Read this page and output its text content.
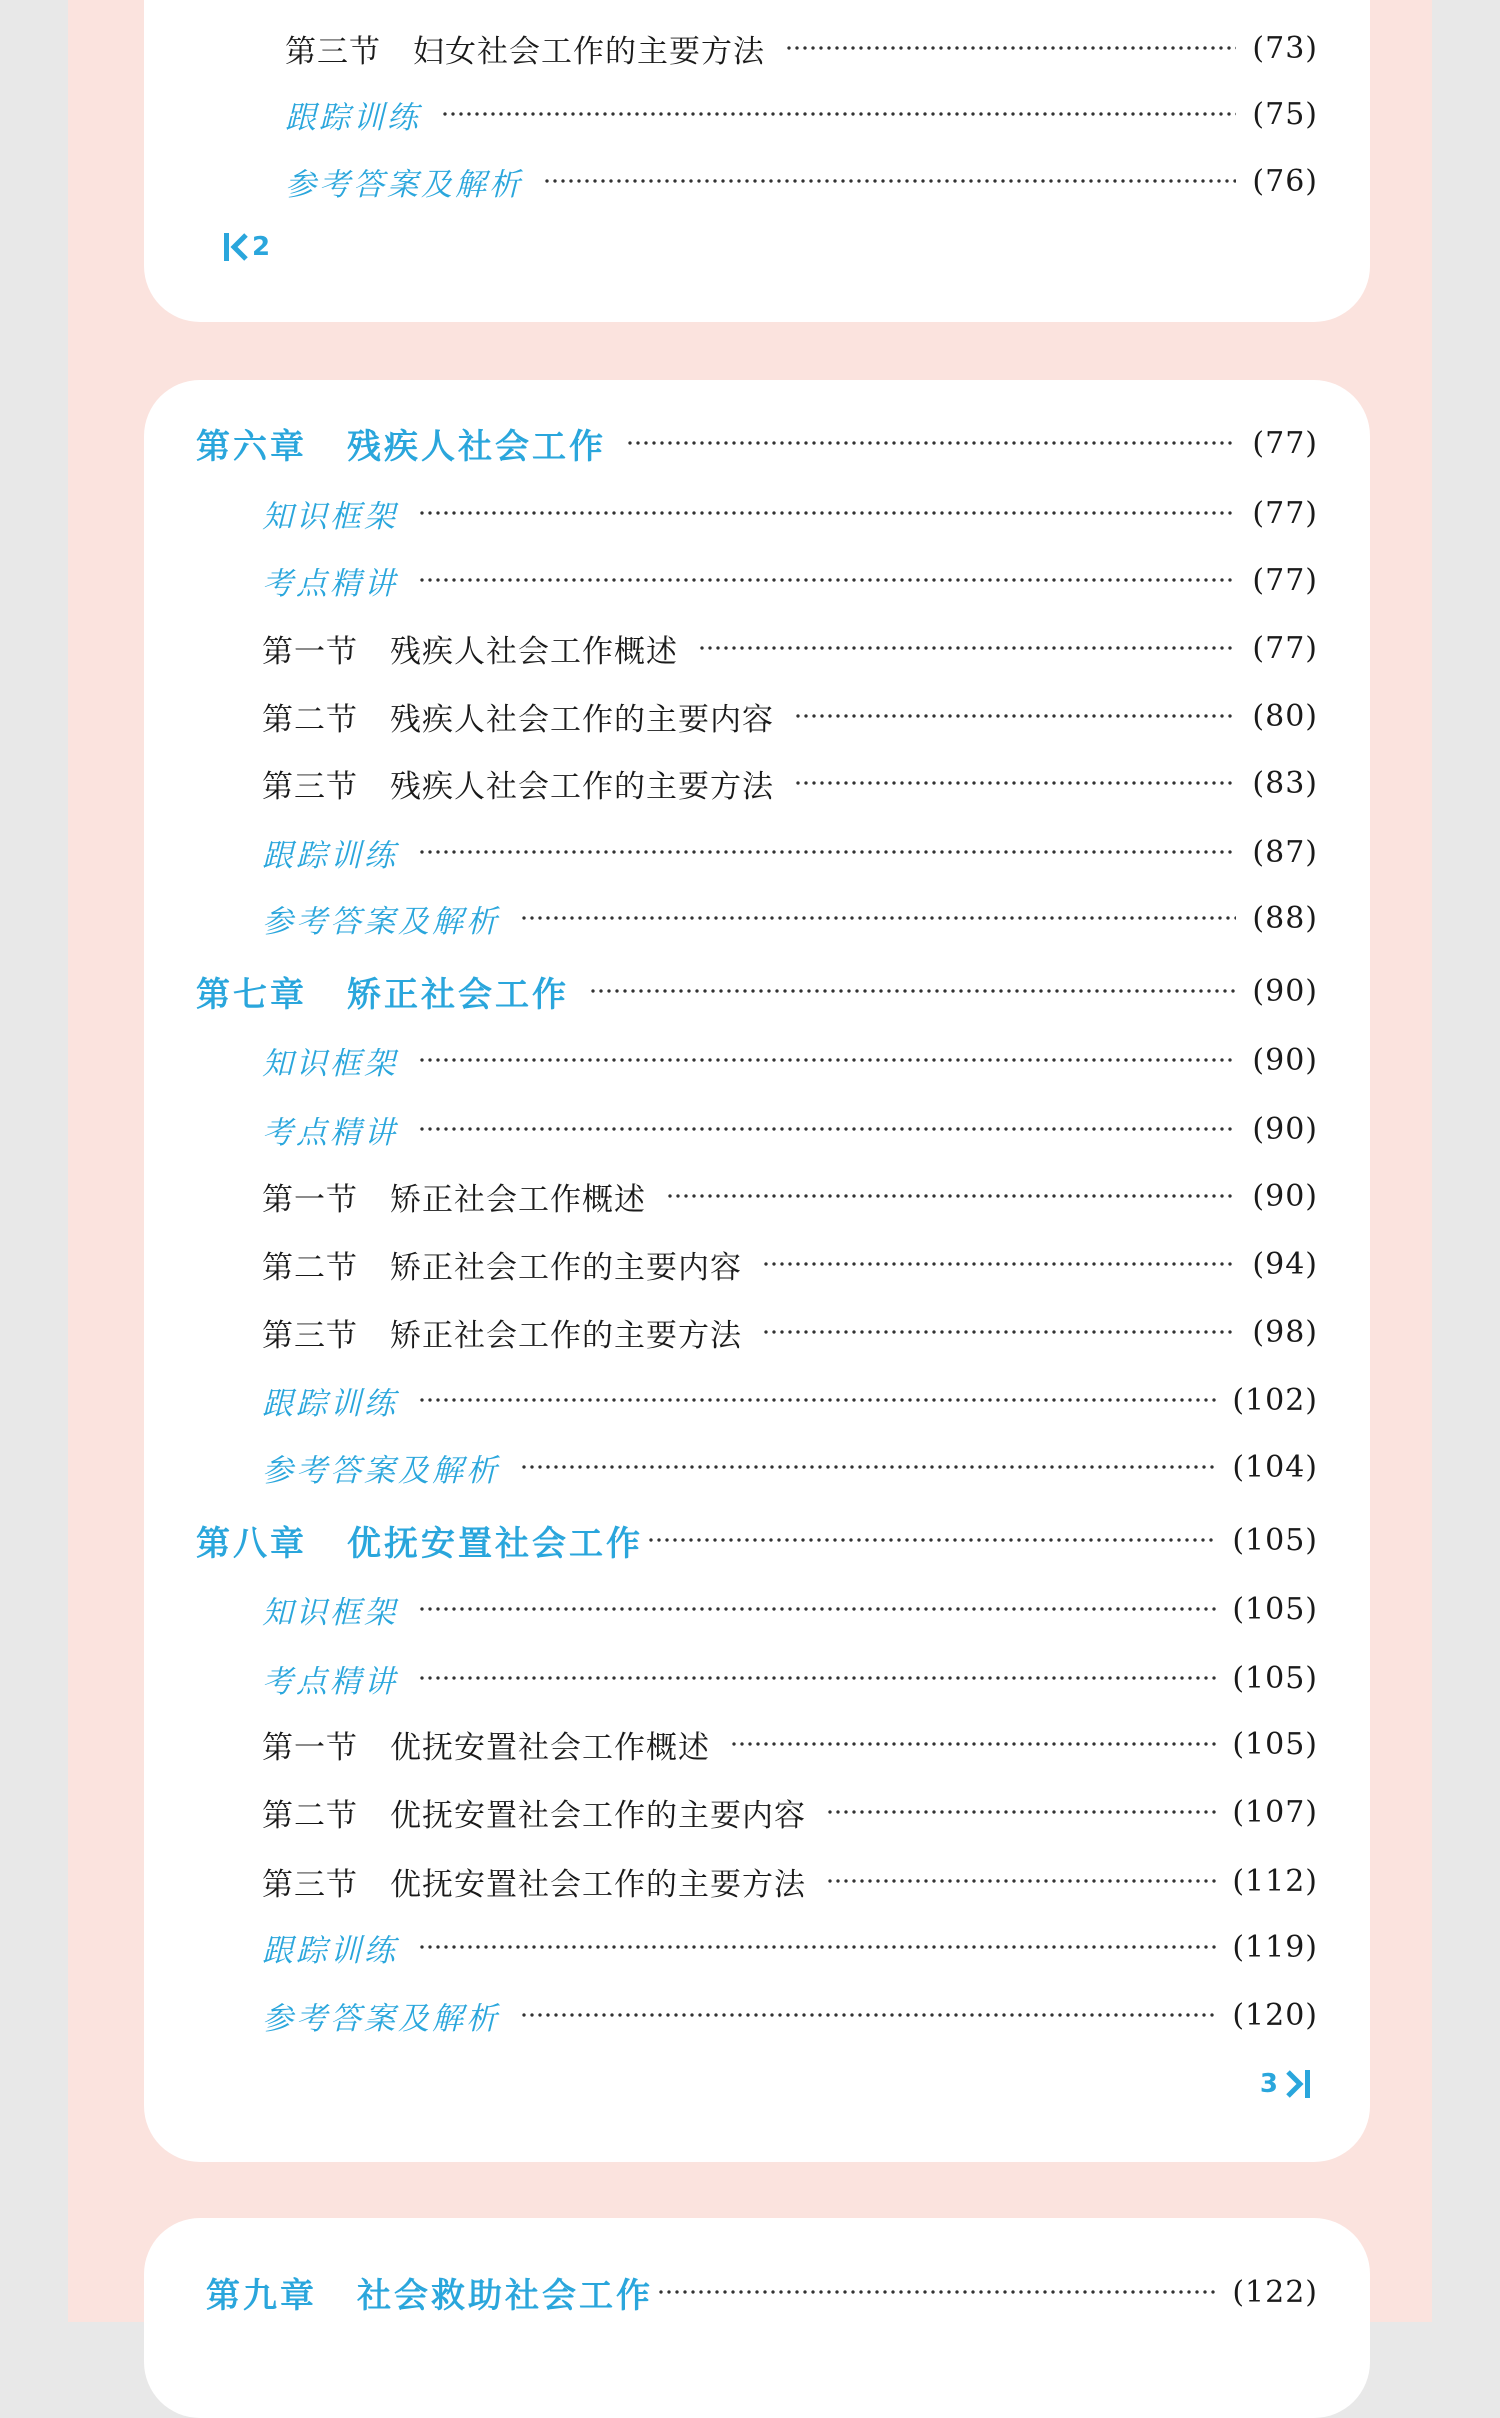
第三节 妇女社会工作的主要方法	(73)
跟踪训练	(75)
参考答案及解析	(76)
2
第六章 残疾人社会工作	(77)
知识框架	(77)
考点精讲	(77)
第一节 残疾人社会工作概述	(77)
第二节 残疾人社会工作的主要内容	(80)
第三节 残疾人社会工作的主要方法	(83)
跟踪训练	(87)
参考答案及解析	(88)
第七章 矫正社会工作	(90)
知识框架	(90)
考点精讲	(90)
第一节 矫正社会工作概述	(90)
第二节 矫正社会工作的主要内容	(94)
第三节 矫正社会工作的主要方法	(98)
跟踪训练	(102)
参考答案及解析	(104)
第八章 优抚安置社会工作	(105)
知识框架	(105)
考点精讲	(105)
第一节 优抚安置社会工作概述	(105)
第二节 优抚安置社会工作的主要内容	(107)
第三节 优抚安置社会工作的主要方法	(112)
跟踪训练	(119)
参考答案及解析	(120)
3
第九章 社会救助社会工作	(122)
